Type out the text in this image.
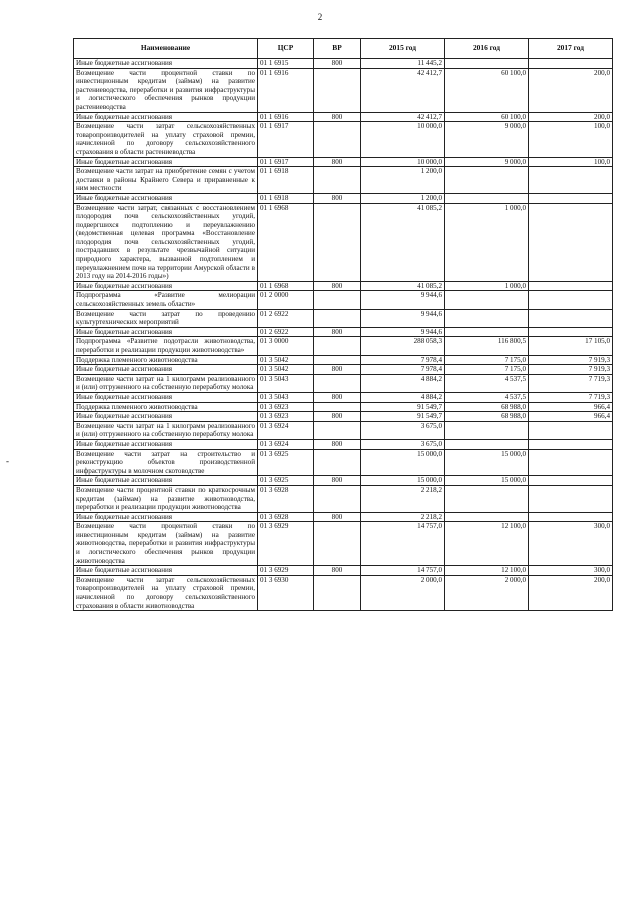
2
-
Наименование	ЦСР	ВР	2015 год	2016 год	2017 год
Иные бюджетные ассигнования	01 1 6915	800	11 445,2		
Возмещение части процентной ставки по инвестиционным кредитам (займам) на развитие растениеводства, переработки и развития инфраструктуры и логистического обеспечения рынков продукции растениеводства	01 1 6916		42 412,7	60 100,0	200,0
Иные бюджетные ассигнования	01 1 6916	800	42 412,7	60 100,0	200,0
Возмещение части затрат сельскохозяйственных товаропроизводителей на уплату страховой премии, начисленной по договору сельскохозяйственного страхования в области растениеводства	01 1 6917		10 000,0	9 000,0	100,0
Иные бюджетные ассигнования	01 1 6917	800	10 000,0	9 000,0	100,0
Возмещение части затрат на приобретение семян с учетом доставки в районы Крайнего Севера и приравненные к ним местности	01 1 6918		1 200,0		
Иные бюджетные ассигнования	01 1 6918	800	1 200,0		
Возмещение части затрат, связанных с восстановлением плодородия почв сельскохозяйственных угодий, подвергшихся подтоплению и переувлажнению (ведомственная целевая программа «Восстановление плодородия почв сельскохозяйственных угодий, пострадавших в результате чрезвычайной ситуации природного характера, вызванной подтоплением и переувлажнением почв на территории Амурской области в 2013 году на 2014-2016 годы»)	01 1 6968		41 085,2	1 000,0	
Иные бюджетные ассигнования	01 1 6968	800	41 085,2	1 000,0	
Подпрограмма «Развитие мелиорации сельскохозяйственных земель области»	01 2 0000		9 944,6		
Возмещение части затрат по проведению культуртехнических мероприятий	01 2 6922		9 944,6		
Иные бюджетные ассигнования	01 2 6922	800	9 944,6		
Подпрограмма «Развитие подотрасли животноводства, переработки и реализации продукции животноводства»	01 3 0000		288 058,3	116 800,5	17 105,0
Поддержка племенного животноводства	01 3 5042		7 978,4	7 175,0	7 919,3
Иные бюджетные ассигнования	01 3 5042	800	7 978,4	7 175,0	7 919,3
Возмещение части затрат на 1 килограмм реализованного и (или) отгруженного на собственную переработку молока	01 3 5043		4 884,2	4 537,5	7 719,3
Иные бюджетные ассигнования	01 3 5043	800	4 884,2	4 537,5	7 719,3
Поддержка племенного животноводства	01 3 6923		91 549,7	68 988,0	966,4
Иные бюджетные ассигнования	01 3 6923	800	91 549,7	68 988,0	966,4
Возмещение части затрат на 1 килограмм реализованного и (или) отгруженного на собственную переработку молока	01 3 6924		3 675,0		
Иные бюджетные ассигнования	01 3 6924	800	3 675,0		
Возмещение части затрат на строительство и реконструкцию объектов производственной инфраструктуры в молочном скотоводстве	01 3 6925		15 000,0	15 000,0	
Иные бюджетные ассигнования	01 3 6925	800	15 000,0	15 000,0	
Возмещение части процентной ставки по краткосрочным кредитам (займам) на развитие животноводства, переработки и реализации продукции животноводства	01 3 6928		2 218,2		
Иные бюджетные ассигнования	01 3 6928	800	2 218,2		
Возмещение части процентной ставки по инвестиционным кредитам (займам) на развитие животноводства, переработки и развития инфраструктуры и логистического обеспечения рынков продукции животноводства	01 3 6929		14 757,0	12 100,0	300,0
Иные бюджетные ассигнования	01 3 6929	800	14 757,0	12 100,0	300,0
Возмещение части затрат сельскохозяйственных товаропроизводителей на уплату страховой премии, начисленной по договору сельскохозяйственного страхования в области животноводства	01 3 6930		2 000,0	2 000,0	200,0
